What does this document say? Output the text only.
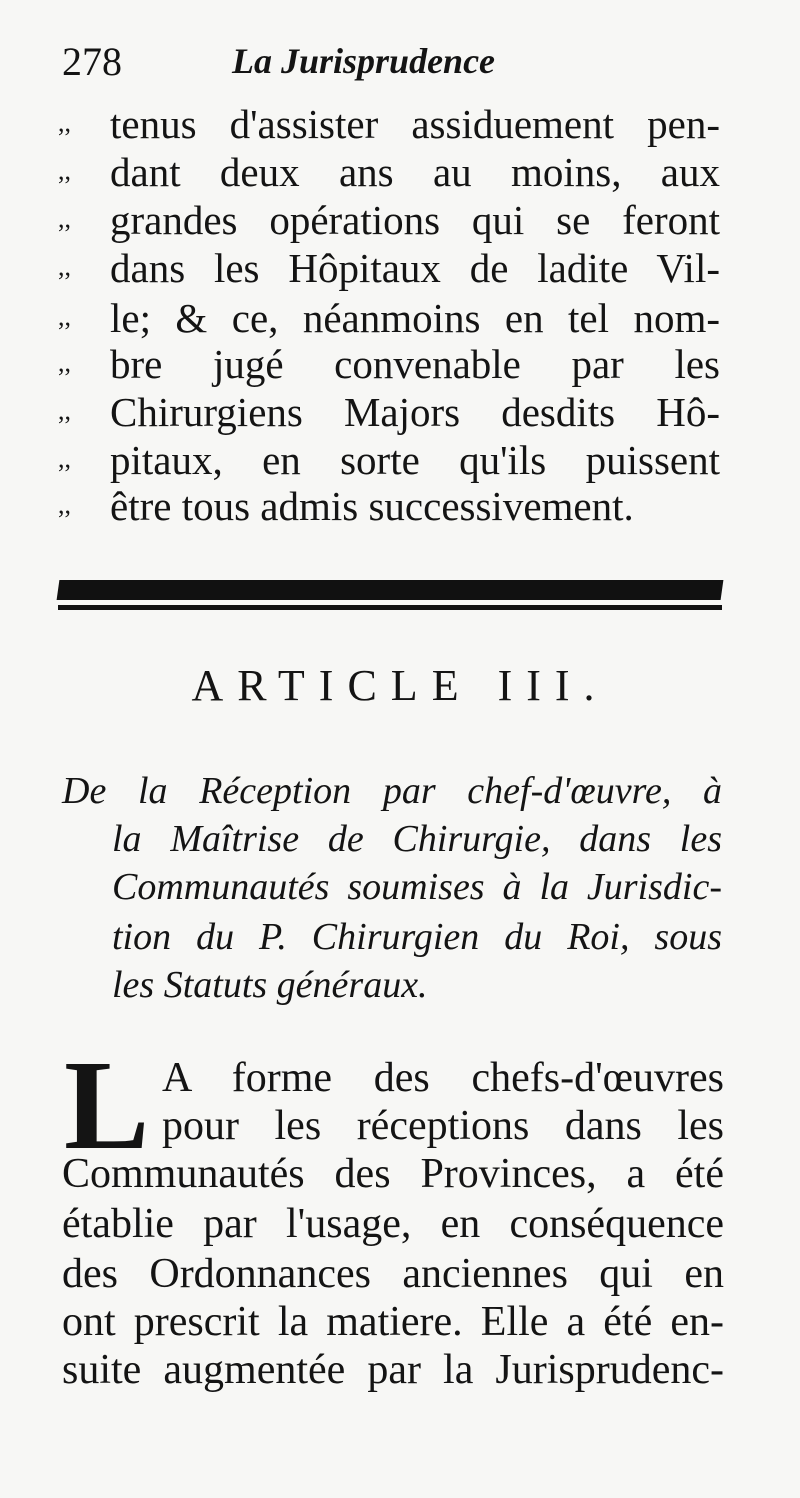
278	La Jurisprudence
,, tenus d'assister assiduement pen-
,, dant deux ans au moins, aux
,, grandes opérations qui se feront
,, dans les Hôpitaux de ladite Vil-
,, le; & ce, néanmoins en tel nom-
,, bre jugé convenable par les
,, Chirurgiens Majors desdits Hô-
,, pitaux, en sorte qu'ils puissent
,, être tous admis successivement.
ARTICLE III.
De la Réception par chef-d'œuvre, à
la Maîtrise de Chirurgie, dans les
Communautés soumises à la Jurisdic-
tion du P. Chirurgien du Roi, sous
les Statuts généraux.
L A forme des chefs-d'œuvres
pour les réceptions dans les
Communautés des Provinces, a été
établie par l'usage, en conséquence
des Ordonnances anciennes qui en
ont prescrit la matiere. Elle a été en-
suite augmentée par la Jurisprudenc-
